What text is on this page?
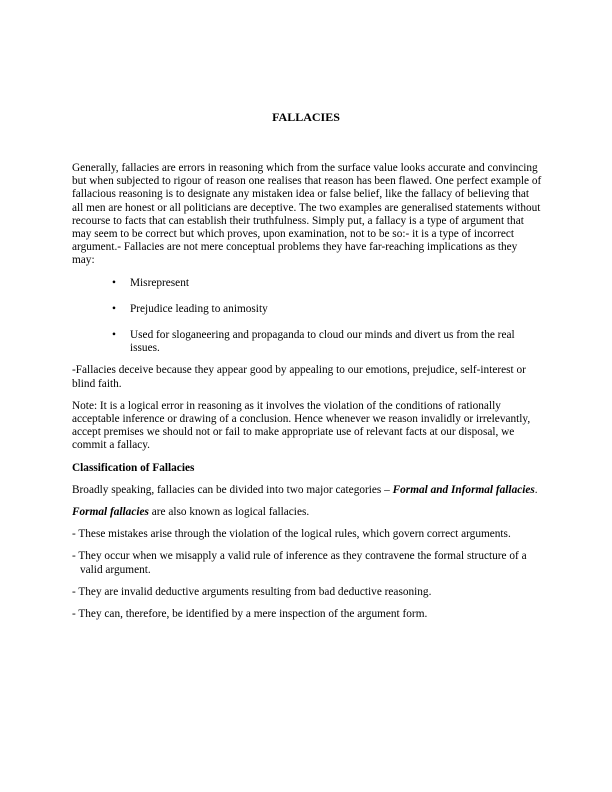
FALLACIES

Generally, fallacies are errors in reasoning which from the surface value looks accurate and convincing but when subjected to rigour of reason one realises that reason has been flawed. One perfect example of fallacious reasoning is to designate any mistaken idea or false belief, like the fallacy of believing that all men are honest or all politicians are deceptive. The two examples are generalised statements without recourse to facts that can establish their truthfulness. Simply put, a fallacy is a type of argument that may seem to be correct but which proves, upon examination, not to be so:- it is a type of incorrect argument.- Fallacies are not mere conceptual problems they have far-reaching implications as they may:

• Misrepresent
• Prejudice leading to animosity
• Used for sloganeering and propaganda to cloud our minds and divert us from the real issues.

-Fallacies deceive because they appear good by appealing to our emotions, prejudice, self-interest or blind faith.

Note: It is a logical error in reasoning as it involves the violation of the conditions of rationally acceptable inference or drawing of a conclusion. Hence whenever we reason invalidly or irrelevantly, accept premises we should not or fail to make appropriate use of relevant facts at our disposal, we commit a fallacy.

Classification of Fallacies

Broadly speaking, fallacies can be divided into two major categories – Formal and Informal fallacies.

Formal fallacies are also known as logical fallacies.

- These mistakes arise through the violation of the logical rules, which govern correct arguments.

- They occur when we misapply a valid rule of inference as they contravene the formal structure of a valid argument.

- They are invalid deductive arguments resulting from bad deductive reasoning.

- They can, therefore, be identified by a mere inspection of the argument form.
